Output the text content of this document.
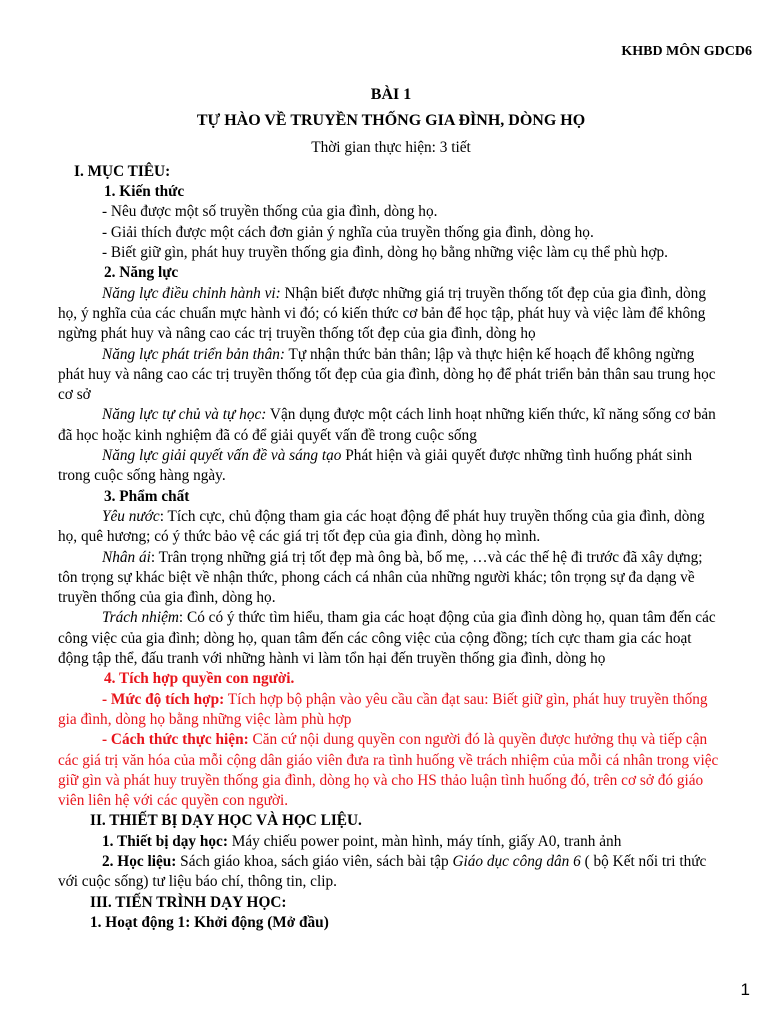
KHBD MÔN GDCD6

BÀI 1

TỰ HÀO VỀ TRUYỀN THỐNG GIA ĐÌNH, DÒNG HỌ

Thời gian thực hiện: 3 tiết

I. MỤC TIÊU:

1. Kiến thức

- Nêu được một số truyền thống của gia đình, dòng họ.

- Giải thích được một cách đơn giản ý nghĩa của truyền thống gia đình, dòng họ.

- Biết giữ gìn, phát huy truyền thống gia đình, dòng họ bằng những việc làm cụ thể phù hợp.

2. Năng lực

Năng lực điều chỉnh hành vi: Nhận biết được những giá trị truyền thống tốt đẹp của gia đình, dòng họ, ý nghĩa của các chuẩn mực hành vi đó; có kiến thức cơ bản để học tập, phát huy và việc làm để không ngừng phát huy và nâng cao các trị truyền thống tốt đẹp của gia đình, dòng họ

Năng lực phát triển bản thân: Tự nhận thức bản thân; lập và thực hiện kế hoạch để không ngừng phát huy và nâng cao các trị truyền thống tốt đẹp của gia đình, dòng họ để phát triển bản thân sau trung học cơ sở

Năng lực tự chủ và tự học: Vận dụng được một cách linh hoạt những kiến thức, kĩ năng sống cơ bản đã học hoặc kinh nghiệm đã có để giải quyết vấn đề trong cuộc sống

Năng lực giải quyết vấn đề và sáng tạo Phát hiện và giải quyết được những tình huống phát sinh trong cuộc sống hàng ngày.

3. Phẩm chất

Yêu nước: Tích cực, chủ động tham gia các hoạt động để phát huy truyền thống của gia đình, dòng họ, quê hương; có ý thức bảo vệ các giá trị tốt đẹp của gia đình, dòng họ mình.

Nhân ái: Trân trọng những giá trị tốt đẹp mà ông bà, bố mẹ, …và các thế hệ đi trước đã xây dựng; tôn trọng sự khác biệt về nhận thức, phong cách cá nhân của những người khác; tôn trọng sự đa dạng về truyền thống của gia đình, dòng họ.

Trách nhiệm: Có có ý thức tìm hiểu, tham gia các hoạt động của gia đình dòng họ, quan tâm đến các công việc của gia đình; dòng họ, quan tâm đến các công việc của cộng đồng; tích cực tham gia các hoạt động tập thể, đấu tranh với những hành vi làm tổn hại đến truyền thống gia đình, dòng họ

4. Tích hợp quyền con người.

- Mức độ tích hợp: Tích hợp bộ phận vào yêu cầu cần đạt sau: Biết giữ gìn, phát huy truyền thống gia đình, dòng họ bằng những việc làm phù hợp

- Cách thức thực hiện: Căn cứ nội dung quyền con người đó là quyền được hưởng thụ và tiếp cận các giá trị văn hóa của mỗi cộng dân giáo viên đưa ra tình huống về trách nhiệm của mỗi cá nhân trong việc giữ gìn và phát huy truyền thống gia đình, dòng họ và cho HS thảo luận tình huống đó, trên cơ sở đó giáo viên liên hệ với các quyền con người.

II. THIẾT BỊ DẠY HỌC VÀ HỌC LIỆU.

1. Thiết bị dạy học: Máy chiếu power point, màn hình, máy tính, giấy A0, tranh ảnh

2. Học liệu: Sách giáo khoa, sách giáo viên, sách bài tập Giáo dục công dân 6 ( bộ Kết nối tri thức với cuộc sống) tư liệu báo chí, thông tin, clip.

III. TIẾN TRÌNH DẠY HỌC:

1. Hoạt động 1: Khởi động (Mở đầu)

1
